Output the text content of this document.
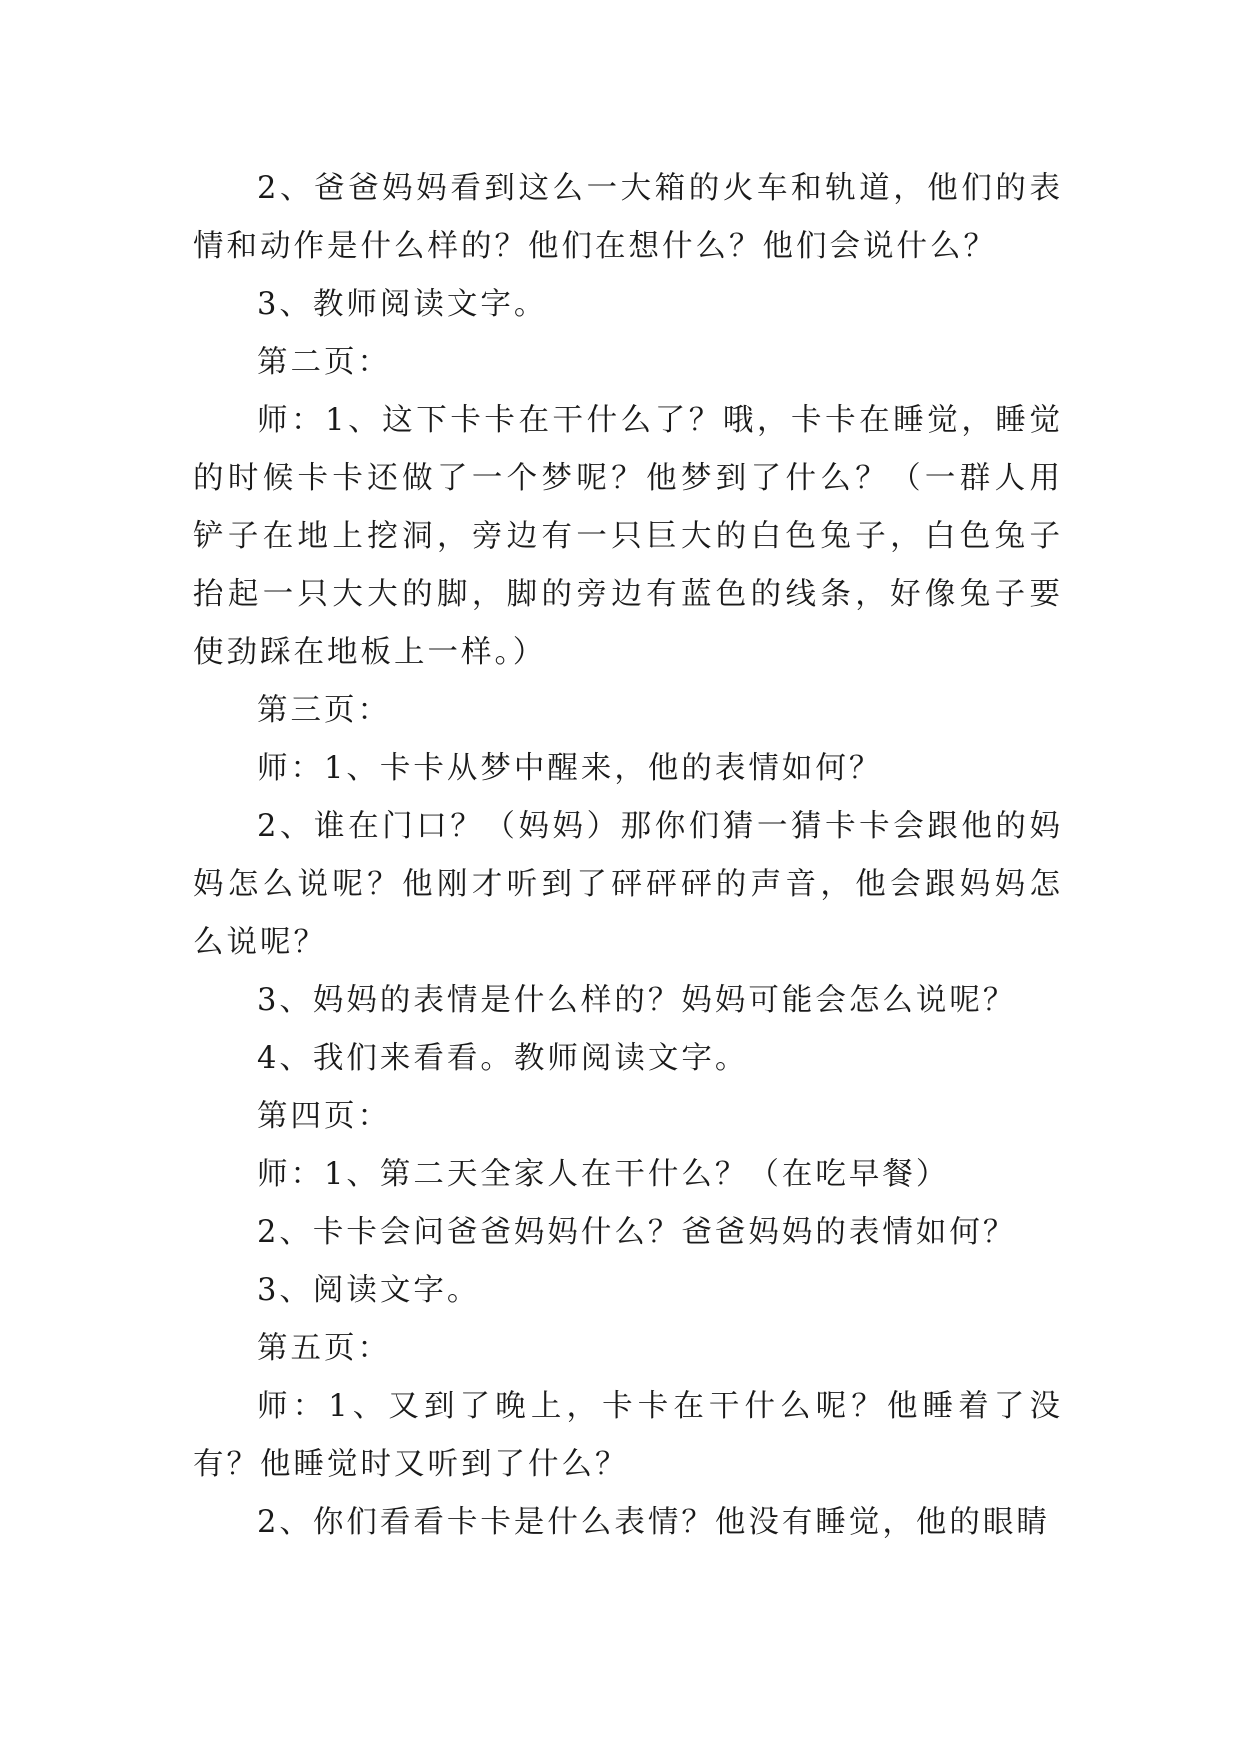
2、爸爸妈妈看到这么一大箱的火车和轨道，他们的表情和动作是什么样的？他们在想什么？他们会说什么？

3、教师阅读文字。

第二页：

师：1、这下卡卡在干什么了？哦，卡卡在睡觉，睡觉的时候卡卡还做了一个梦呢？他梦到了什么？（一群人用铲子在地上挖洞，旁边有一只巨大的白色兔子，白色兔子抬起一只大大的脚，脚的旁边有蓝色的线条，好像兔子要使劲踩在地板上一样。）

第三页：

师：1、卡卡从梦中醒来，他的表情如何？

2、谁在门口？（妈妈）那你们猜一猜卡卡会跟他的妈妈怎么说呢？他刚才听到了砰砰砰的声音，他会跟妈妈怎么说呢？

3、妈妈的表情是什么样的？妈妈可能会怎么说呢？

4、我们来看看。教师阅读文字。

第四页：

师：1、第二天全家人在干什么？（在吃早餐）

2、卡卡会问爸爸妈妈什么？爸爸妈妈的表情如何？

3、阅读文字。

第五页：

师：1、又到了晚上，卡卡在干什么呢？他睡着了没有？他睡觉时又听到了什么？

2、你们看看卡卡是什么表情？他没有睡觉，他的眼睛
